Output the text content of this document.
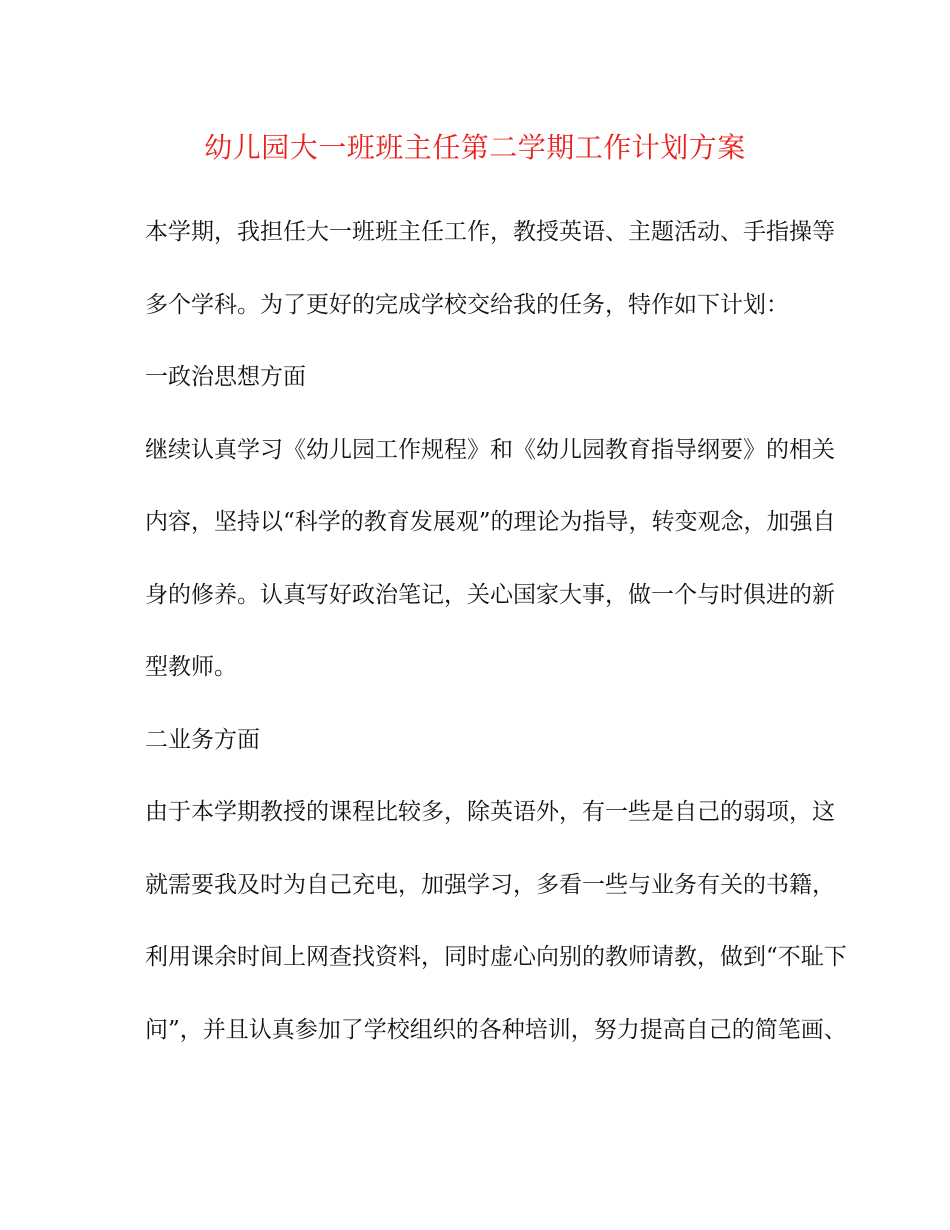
幼儿园大一班班主任第二学期工作计划方案
本学期，我担任大一班班主任工作，教授英语、主题活动、手指操等
多个学科。为了更好的完成学校交给我的任务，特作如下计划：
一政治思想方面
继续认真学习《幼儿园工作规程》和《幼儿园教育指导纲要》的相关
内容，坚持以“科学的教育发展观”的理论为指导，转变观念，加强自
身的修养。认真写好政治笔记，关心国家大事，做一个与时俱进的新
型教师。
二业务方面
由于本学期教授的课程比较多，除英语外，有一些是自己的弱项，这
就需要我及时为自己充电，加强学习，多看一些与业务有关的书籍，
利用课余时间上网查找资料，同时虚心向别的教师请教，做到“不耻下
问”，并且认真参加了学校组织的各种培训，努力提高自己的简笔画、
